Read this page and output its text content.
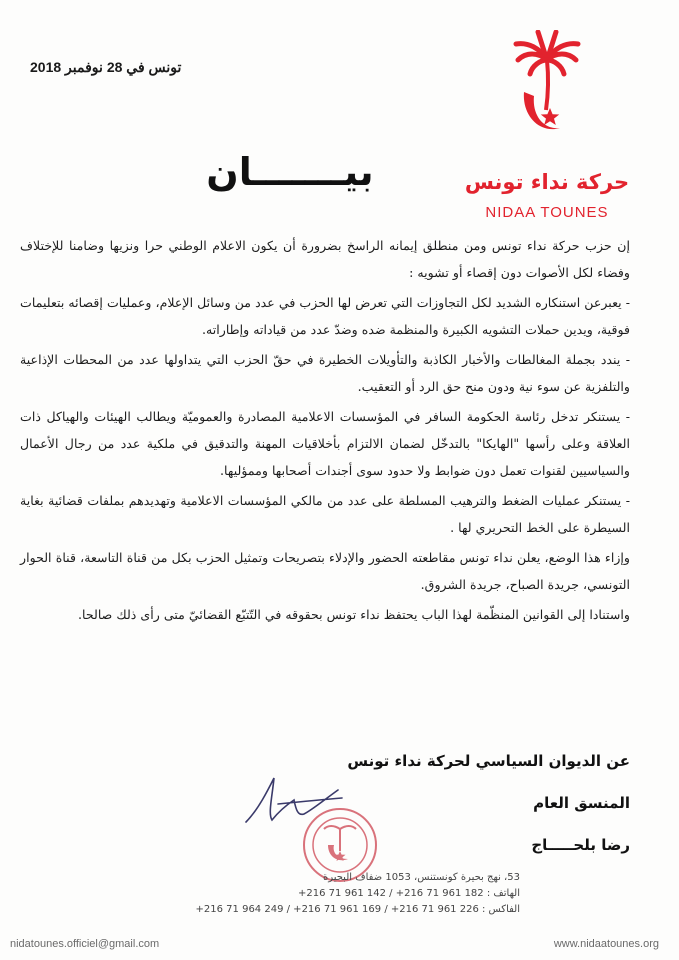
تونس في 28 نوفمبر 2018
حركة نداء تونس
NIDAA TOUNES
بيـــــــان

إن حزب حركة نداء تونس ومن منطلق إيمانه الراسخ بضرورة أن يكون الاعلام الوطني حرا ونزيها وضامنا للإختلاف وفضاء لكل الأصوات دون إقصاء أو تشويه :

- يعبرعن استنكاره الشديد لكل التجاوزات التي تعرض لها الحزب في عدد من وسائل الإعلام، وعمليات إقصائه بتعليمات فوقية، ويدين حملات التشويه الكبيرة والمنظمة ضده وضدّ عدد من قياداته وإطاراته.

- يندد بجملة المغالطات والأخبار الكاذبة والتأويلات الخطيرة في حقّ الحزب التي يتداولها عدد من المحطات الإذاعية والتلفزية عن سوء نية ودون منح حق الرد أو التعقيب.

- يستنكر تدخل رئاسة الحكومة السافر في المؤسسات الاعلامية المصادرة والعموميّة ويطالب الهيئات والهياكل ذات العلاقة وعلى رأسها "الهايكا" بالتدخّل لضمان الالتزام بأخلاقيات المهنة والتدقيق في ملكية عدد من رجال الأعمال والسياسيين لقنوات تعمل دون ضوابط ولا حدود سوى أجندات أصحابها وممؤليها.

- يستنكر عمليات الضغط والترهيب المسلطة على عدد من مالكي المؤسسات الاعلامية وتهديدهم بملفات قضائية بغاية السيطرة على الخط التحريري لها .

وإزاء هذا الوضع، يعلن نداء تونس مقاطعته الحضور والإدلاء بتصريحات وتمثيل الحزب بكل من قناة التاسعة، قناة الحوار التونسي، جريدة الصباح، جريدة الشروق.

واستنادا إلى القوانين المنظّمة لهذا الباب يحتفظ نداء تونس بحقوقه في التّتبّع القضائيّ متى رأى ذلك صالحا.

عن الديوان السياسي لحركة نداء تونس
المنسق العام
رضا بلحـــــاج
53، نهج بحيرة كونستنس، 1053 ضفاف البحيرة
الهاتف : 182 961 71 216+ / 142 961 71 216+
الفاكس : 226 961 71 216+ / 169 961 71 216+ / 249 964 71 216+
nidatounes.officiel@gmail.com	www.nidaatounes.org
